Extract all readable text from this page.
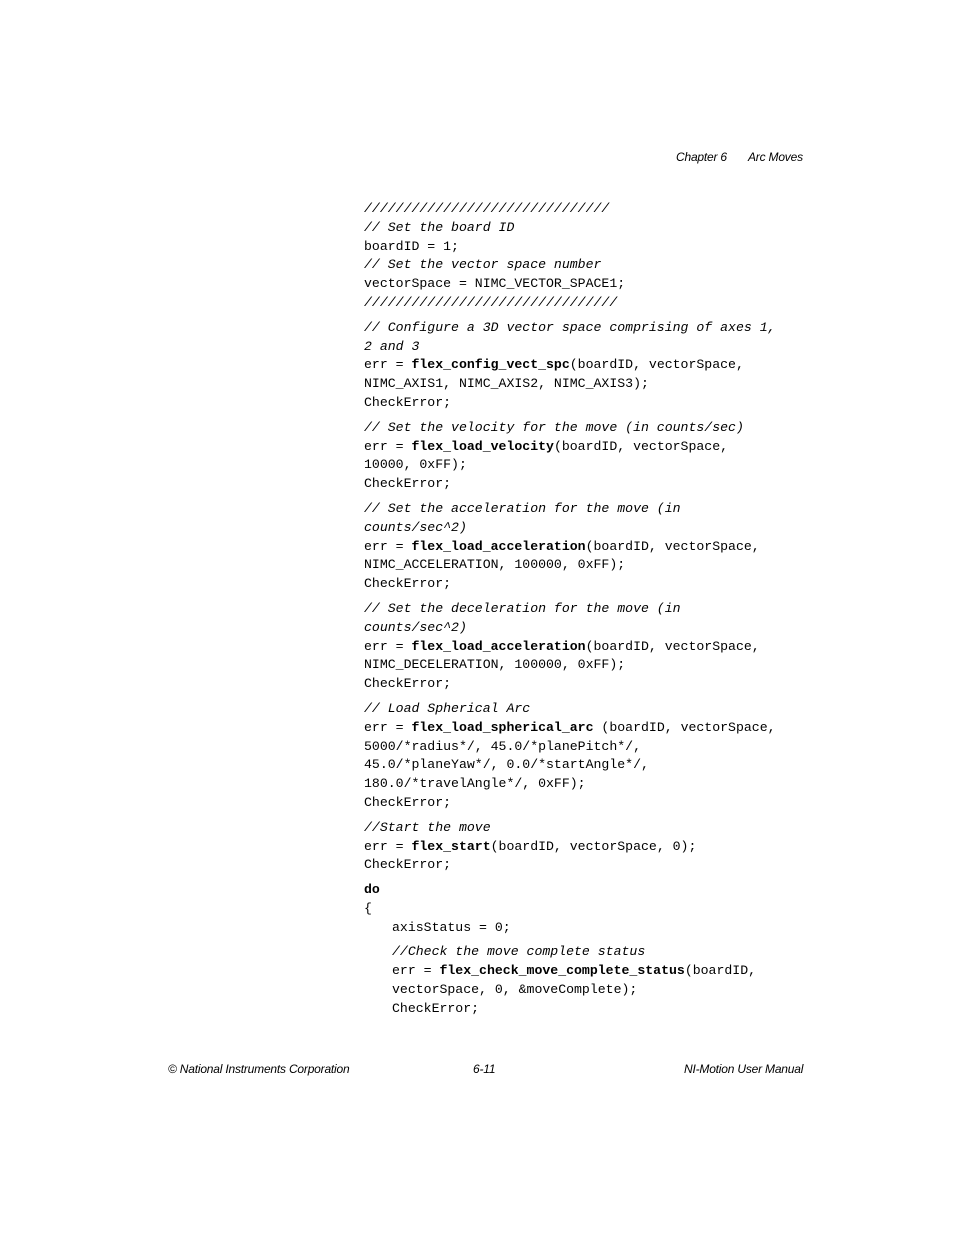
Chapter 6 Arc Moves
///////////////////////////////
// Set the board ID
boardID = 1;
// Set the vector space number
vectorSpace = NIMC_VECTOR_SPACE1;
////////////////////////////////
// Configure a 3D vector space comprising of axes 1,
2 and 3
err = flex_config_vect_spc(boardID, vectorSpace,
NIMC_AXIS1, NIMC_AXIS2, NIMC_AXIS3);
CheckError;
// Set the velocity for the move (in counts/sec)
err = flex_load_velocity(boardID, vectorSpace,
10000, 0xFF);
CheckError;
// Set the acceleration for the move (in
counts/sec^2)
err = flex_load_acceleration(boardID, vectorSpace,
NIMC_ACCELERATION, 100000, 0xFF);
CheckError;
// Set the deceleration for the move (in
counts/sec^2)
err = flex_load_acceleration(boardID, vectorSpace,
NIMC_DECELERATION, 100000, 0xFF);
CheckError;
// Load Spherical Arc
err = flex_load_spherical_arc (boardID, vectorSpace,
5000/*radius*/, 45.0/*planePitch*/,
45.0/*planeYaw*/, 0.0/*startAngle*/,
180.0/*travelAngle*/, 0xFF);
CheckError;
//Start the move
err = flex_start(boardID, vectorSpace, 0);
CheckError;
do
{
axisStatus = 0;
//Check the move complete status
err = flex_check_move_complete_status(boardID,
vectorSpace, 0, &moveComplete);
CheckError;
© National Instruments Corporation	6-11	NI-Motion User Manual
